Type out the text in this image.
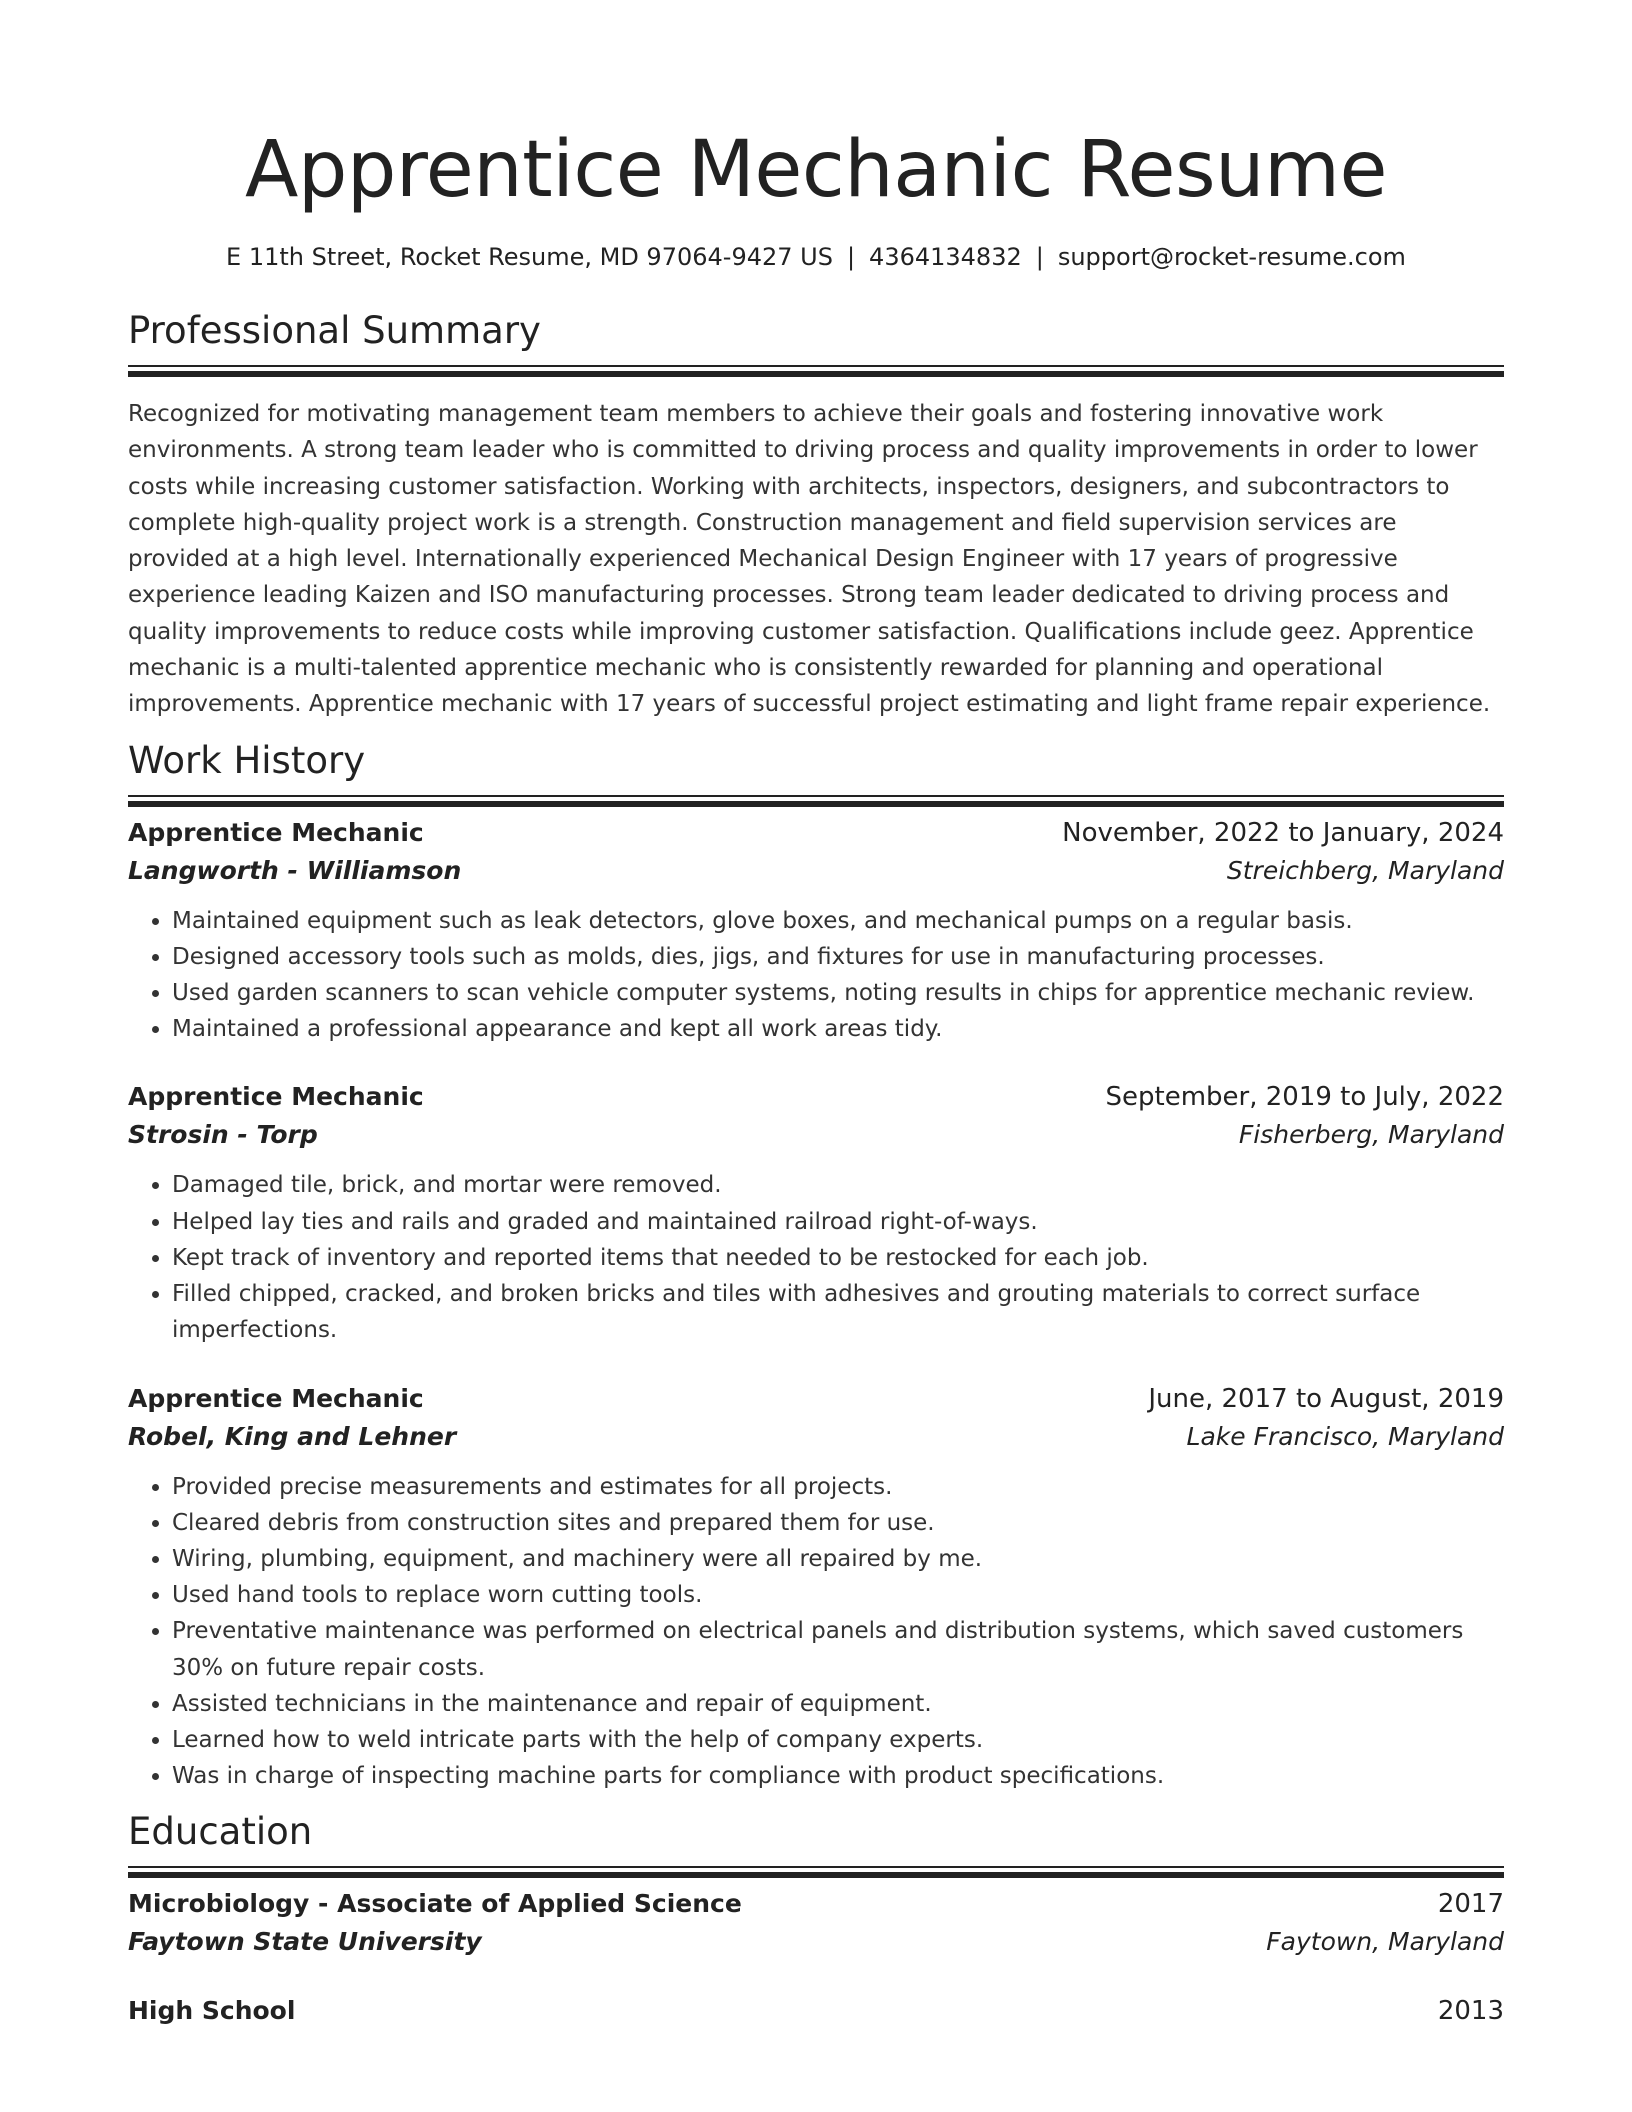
Apprentice Mechanic Resume
E 11th Street, Rocket Resume, MD 97064-9427 US | 4364134832 | support@rocket-resume.com
Professional Summary
Recognized for motivating management team members to achieve their goals and fostering innovative work environments. A strong team leader who is committed to driving process and quality improvements in order to lower costs while increasing customer satisfaction. Working with architects, inspectors, designers, and subcontractors to complete high-quality project work is a strength. Construction management and field supervision services are provided at a high level. Internationally experienced Mechanical Design Engineer with 17 years of progressive experience leading Kaizen and ISO manufacturing processes. Strong team leader dedicated to driving process and quality improvements to reduce costs while improving customer satisfaction. Qualifications include geez. Apprentice mechanic is a multi-talented apprentice mechanic who is consistently rewarded for planning and operational improvements. Apprentice mechanic with 17 years of successful project estimating and light frame repair experience.
Work History
Apprentice Mechanic	November, 2022 to January, 2024
Langworth - Williamson	Streichberg, Maryland
• Maintained equipment such as leak detectors, glove boxes, and mechanical pumps on a regular basis.
• Designed accessory tools such as molds, dies, jigs, and fixtures for use in manufacturing processes.
• Used garden scanners to scan vehicle computer systems, noting results in chips for apprentice mechanic review.
• Maintained a professional appearance and kept all work areas tidy.
Apprentice Mechanic	September, 2019 to July, 2022
Strosin - Torp	Fisherberg, Maryland
• Damaged tile, brick, and mortar were removed.
• Helped lay ties and rails and graded and maintained railroad right-of-ways.
• Kept track of inventory and reported items that needed to be restocked for each job.
• Filled chipped, cracked, and broken bricks and tiles with adhesives and grouting materials to correct surface imperfections.
Apprentice Mechanic	June, 2017 to August, 2019
Robel, King and Lehner	Lake Francisco, Maryland
• Provided precise measurements and estimates for all projects.
• Cleared debris from construction sites and prepared them for use.
• Wiring, plumbing, equipment, and machinery were all repaired by me.
• Used hand tools to replace worn cutting tools.
• Preventative maintenance was performed on electrical panels and distribution systems, which saved customers 30% on future repair costs.
• Assisted technicians in the maintenance and repair of equipment.
• Learned how to weld intricate parts with the help of company experts.
• Was in charge of inspecting machine parts for compliance with product specifications.
Education
Microbiology - Associate of Applied Science	2017
Faytown State University	Faytown, Maryland
High School	2013
